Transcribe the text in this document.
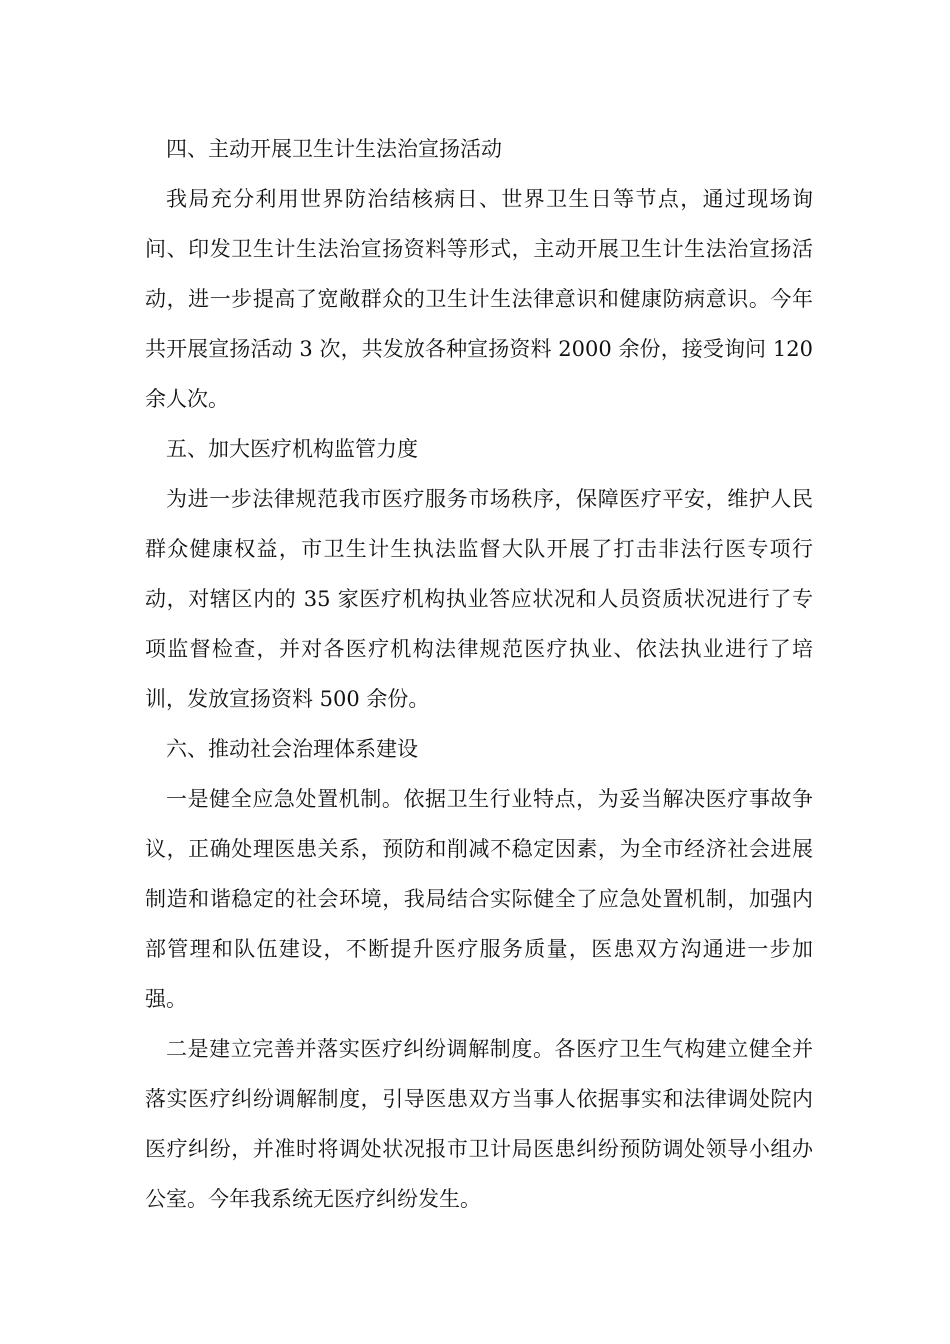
四、主动开展卫生计生法治宣扬活动

我局充分利用世界防治结核病日、世界卫生日等节点，通过现场询问、印发卫生计生法治宣扬资料等形式，主动开展卫生计生法治宣扬活动，进一步提高了宽敞群众的卫生计生法律意识和健康防病意识。今年共开展宣扬活动 3 次，共发放各种宣扬资料 2000 余份，接受询问 120 余人次。

五、加大医疗机构监管力度

为进一步法律规范我市医疗服务市场秩序，保障医疗平安，维护人民群众健康权益，市卫生计生执法监督大队开展了打击非法行医专项行动，对辖区内的 35 家医疗机构执业答应状况和人员资质状况进行了专项监督检查，并对各医疗机构法律规范医疗执业、依法执业进行了培训，发放宣扬资料 500 余份。

六、推动社会治理体系建设

一是健全应急处置机制。依据卫生行业特点，为妥当解决医疗事故争议，正确处理医患关系，预防和削减不稳定因素，为全市经济社会进展制造和谐稳定的社会环境，我局结合实际健全了应急处置机制，加强内部管理和队伍建设，不断提升医疗服务质量，医患双方沟通进一步加强。

二是建立完善并落实医疗纠纷调解制度。各医疗卫生气构建立健全并落实医疗纠纷调解制度，引导医患双方当事人依据事实和法律调处院内医疗纠纷，并准时将调处状况报市卫计局医患纠纷预防调处领导小组办公室。今年我系统无医疗纠纷发生。
